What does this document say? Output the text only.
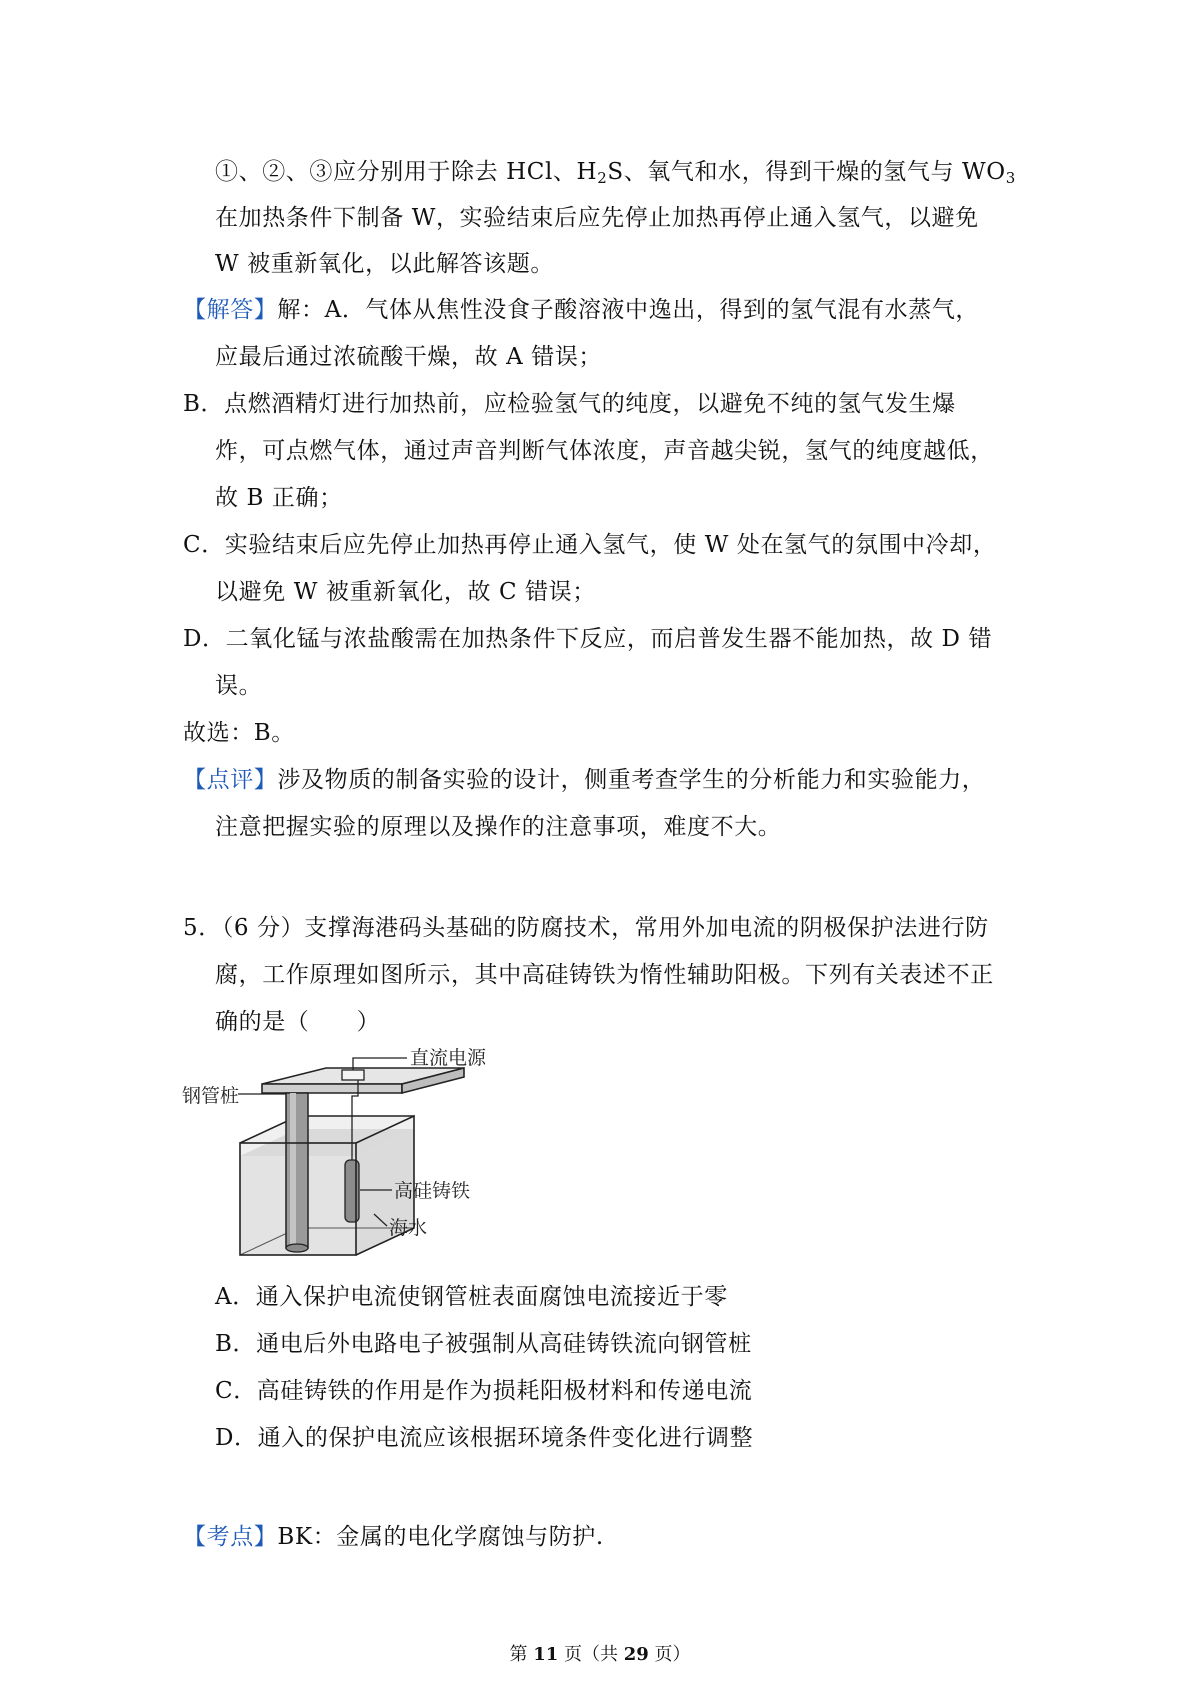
①、②、③应分别用于除去 HCl、$H_2S$、氧气和水，得到干燥的氢气与 $WO_3$
在加热条件下制备 W，实验结束后应先停止加热再停止通入氢气，以避免
W 被重新氧化，以此解答该题。
【解答】解：A．气体从焦性没食子酸溶液中逸出，得到的氢气混有水蒸气，
应最后通过浓硫酸干燥，故 A 错误；
B．点燃酒精灯进行加热前，应检验氢气的纯度，以避免不纯的氢气发生爆
炸，可点燃气体，通过声音判断气体浓度，声音越尖锐，氢气的纯度越低，
故 B 正确；
C．实验结束后应先停止加热再停止通入氢气，使 W 处在氢气的氛围中冷却，
以避免 W 被重新氧化，故 C 错误；
D．二氧化锰与浓盐酸需在加热条件下反应，而启普发生器不能加热，故 D 错
误。
故选：B。
【点评】涉及物质的制备实验的设计，侧重考查学生的分析能力和实验能力，
注意把握实验的原理以及操作的注意事项，难度不大。
5．（6 分）支撑海港码头基础的防腐技术，常用外加电流的阴极保护法进行防
腐，工作原理如图所示，其中高硅铸铁为惰性辅助阳极。下列有关表述不正
确的是（　　）
直流电源
钢管桩
高硅铸铁
海水
A．通入保护电流使钢管桩表面腐蚀电流接近于零
B．通电后外电路电子被强制从高硅铸铁流向钢管桩
C．高硅铸铁的作用是作为损耗阳极材料和传递电流
D．通入的保护电流应该根据环境条件变化进行调整
【考点】BK：金属的电化学腐蚀与防护.
第 11 页（共 29 页）
